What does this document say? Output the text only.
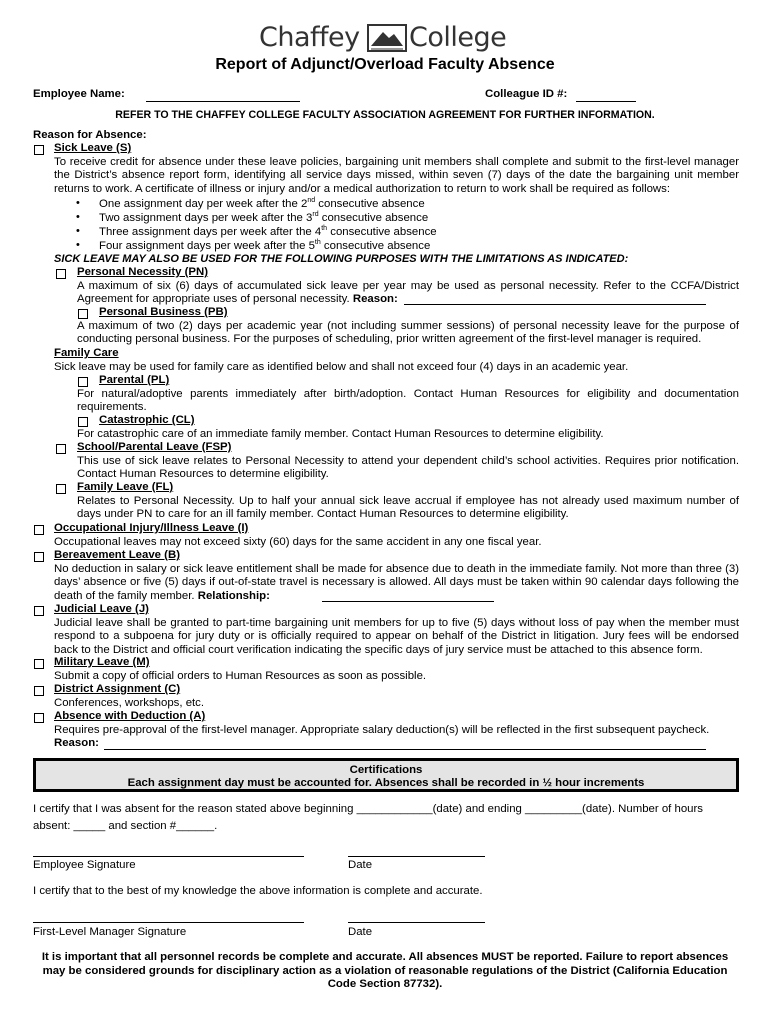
Chaffey College
Report of Adjunct/Overload Faculty Absence
Employee Name:	Colleague ID #:
REFER TO THE CHAFFEY COLLEGE FACULTY ASSOCIATION AGREEMENT FOR FURTHER INFORMATION.
Reason for Absence:
Sick Leave (S)
To receive credit for absence under these leave policies, bargaining unit members shall complete and submit to the first-level manager the District’s absence report form, identifying all service days missed, within seven (7) days of the date the bargaining unit member returns to work. A certificate of illness or injury and/or a medical authorization to return to work shall be required as follows:
• One assignment day per week after the 2nd consecutive absence
• Two assignment days per week after the 3rd consecutive absence
• Three assignment days per week after the 4th consecutive absence
• Four assignment days per week after the 5th consecutive absence
SICK LEAVE MAY ALSO BE USED FOR THE FOLLOWING PURPOSES WITH THE LIMITATIONS AS INDICATED:
Personal Necessity (PN)
A maximum of six (6) days of accumulated sick leave per year may be used as personal necessity. Refer to the CCFA/District Agreement for appropriate uses of personal necessity. Reason:
Personal Business (PB)
A maximum of two (2) days per academic year (not including summer sessions) of personal necessity leave for the purpose of conducting personal business. For the purposes of scheduling, prior written agreement of the first-level manager is required.
Family Care
Sick leave may be used for family care as identified below and shall not exceed four (4) days in an academic year.
Parental (PL)
For natural/adoptive parents immediately after birth/adoption. Contact Human Resources for eligibility and documentation requirements.
Catastrophic (CL)
For catastrophic care of an immediate family member. Contact Human Resources to determine eligibility.
School/Parental Leave (FSP)
This use of sick leave relates to Personal Necessity to attend your dependent child’s school activities. Requires prior notification. Contact Human Resources to determine eligibility.
Family Leave (FL)
Relates to Personal Necessity. Up to half your annual sick leave accrual if employee has not already used maximum number of days under PN to care for an ill family member. Contact Human Resources to determine eligibility.
Occupational Injury/Illness Leave (I)
Occupational leaves may not exceed sixty (60) days for the same accident in any one fiscal year.
Bereavement Leave (B)
No deduction in salary or sick leave entitlement shall be made for absence due to death in the immediate family. Not more than three (3) days’ absence or five (5) days if out-of-state travel is necessary is allowed. All days must be taken within 90 calendar days following the death of the family member. Relationship:
Judicial Leave (J)
Judicial leave shall be granted to part-time bargaining unit members for up to five (5) days without loss of pay when the member must respond to a subpoena for jury duty or is officially required to appear on behalf of the District in litigation. Jury fees will be endorsed back to the District and official court verification indicating the specific days of jury service must be attached to this absence form.
Military Leave (M)
Submit a copy of official orders to Human Resources as soon as possible.
District Assignment (C)
Conferences, workshops, etc.
Absence with Deduction (A)
Requires pre-approval of the first-level manager. Appropriate salary deduction(s) will be reflected in the first subsequent paycheck.
Reason:
Certifications
Each assignment day must be accounted for. Absences shall be recorded in ½ hour increments
I certify that I was absent for the reason stated above beginning ____________(date) and ending _________(date). Number of hours
absent: _____ and section #______.
Employee Signature	Date
I certify that to the best of my knowledge the above information is complete and accurate.
First-Level Manager Signature	Date
It is important that all personnel records be complete and accurate. All absences MUST be reported. Failure to report absences may be considered grounds for disciplinary action as a violation of reasonable regulations of the District (California Education Code Section 87732).
